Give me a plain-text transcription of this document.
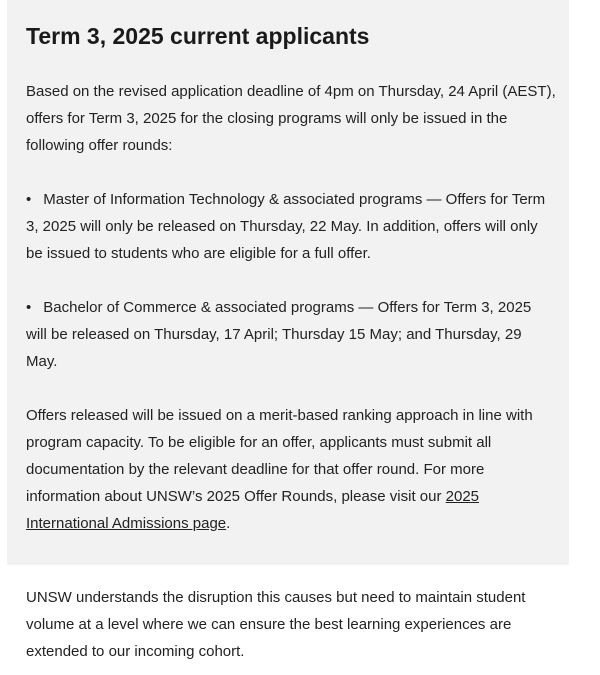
Term 3, 2025 current applicants

Based on the revised application deadline of 4pm on Thursday, 24 April (AEST), offers for Term 3, 2025 for the closing programs will only be issued in the following offer rounds:

• Master of Information Technology & associated programs — Offers for Term 3, 2025 will only be released on Thursday, 22 May. In addition, offers will only be issued to students who are eligible for a full offer.

• Bachelor of Commerce & associated programs — Offers for Term 3, 2025 will be released on Thursday, 17 April; Thursday 15 May; and Thursday, 29 May.

Offers released will be issued on a merit-based ranking approach in line with program capacity. To be eligible for an offer, applicants must submit all documentation by the relevant deadline for that offer round. For more information about UNSW’s 2025 Offer Rounds, please visit our 2025 International Admissions page.

UNSW understands the disruption this causes but need to maintain student volume at a level where we can ensure the best learning experiences are extended to our incoming cohort.
